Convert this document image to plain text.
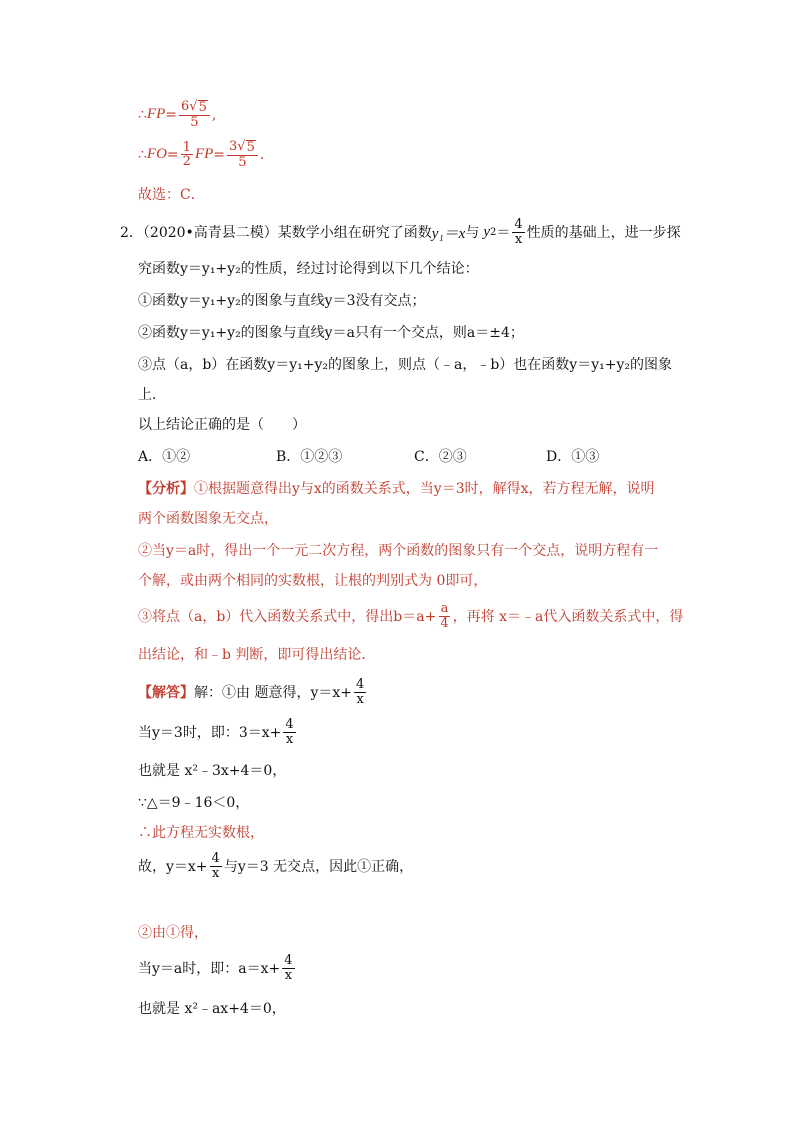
∴ FP = $\frac{6√ 5}{5}$ ,
∴ FO = $\frac{1}{2}$ FP = $\frac{3√ 5}{5}$ .
故选：C．
2．（2020•高青县二模）某数学小组在研究了函数 y₁＝x 与 y $2 = \frac{4}{x}$ 性质的基础上，进一步探
究函数y＝y₁+y₂的性质，经过讨论得到以下几个结论：
①函数y＝y₁+y₂的图象与直线y＝3没有交点；
②函数y＝y₁+y₂的图象与直线y＝a只有一个交点，则a＝±4；
③点（a，b）在函数y＝y₁+y₂的图象上，则点（﹣a，﹣b）也在函数y＝y₁+y₂的图象
上．
以上结论正确的是（　　）
A．①②	B．①②③	C．②③	D．①③
【分析】 ①根据题意得出y与x的函数关系式，当y＝3时，解得x，若方程无解，说明
两个函数图象无交点，
②当y＝a时，得出一个一元二次方程，两个函数的图象只有一个交点，说明方程有一
个解，或由两个相同的实数根，让根的判别式为 0即可，
③将点（a，b）代入函数关系式中，得出$b=a+ \frac{a}{4}$ ，再将 x＝﹣a代入函数关系式中，得
出结论，和﹣b 判断，即可得出结论．
【解答】 解：①由 题意得，$y=x+ \frac{4}{x}$
当y＝3时，即：$3=x+ \frac{4}{x}$
也就是 x²﹣3x+4＝0，
∵△＝9﹣16＜0，
∴此方程无实数根，
故，$y=x+ \frac{4}{x}$ 与y＝3 无交点，因此①正确，
②由①得，
当y＝a时，即：$a=x+ \frac{4}{x}$
也就是 x²﹣ax+4＝0，
